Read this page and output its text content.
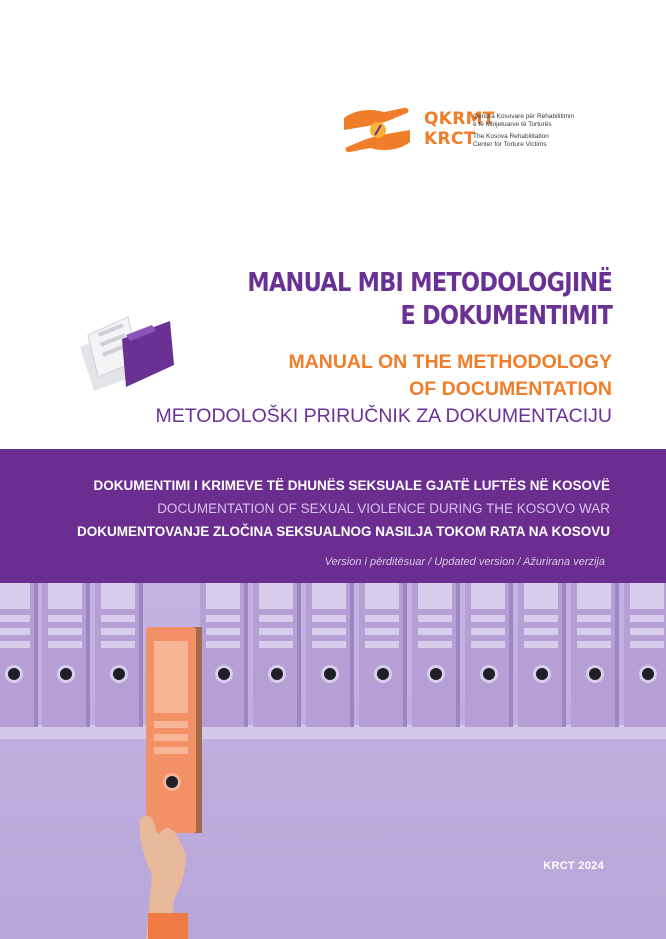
QKRMT
KRCT
Qendra Kosovare për Rehabilitimin
e të Mbijetuarve të Torturës
The Kosova Rehabilitation
Center for Torture Victims
MANUAL MBI METODOLOGJINË
E DOKUMENTIMIT
MANUAL ON THE METHODOLOGY
OF DOCUMENTATION
METODOLOŠKI PRIRUČNIK ZA DOKUMENTACIJU
DOKUMENTIMI I KRIMEVE TË DHUNËS SEKSUALE GJATË LUFTËS NË KOSOVË
DOCUMENTATION OF SEXUAL VIOLENCE DURING THE KOSOVO WAR
DOKUMENTOVANJE ZLOČINA SEKSUALNOG NASILJA TOKOM RATA NA KOSOVU
Version i përditësuar / Updated version / Ažurirana verzija
KRCT 2024
